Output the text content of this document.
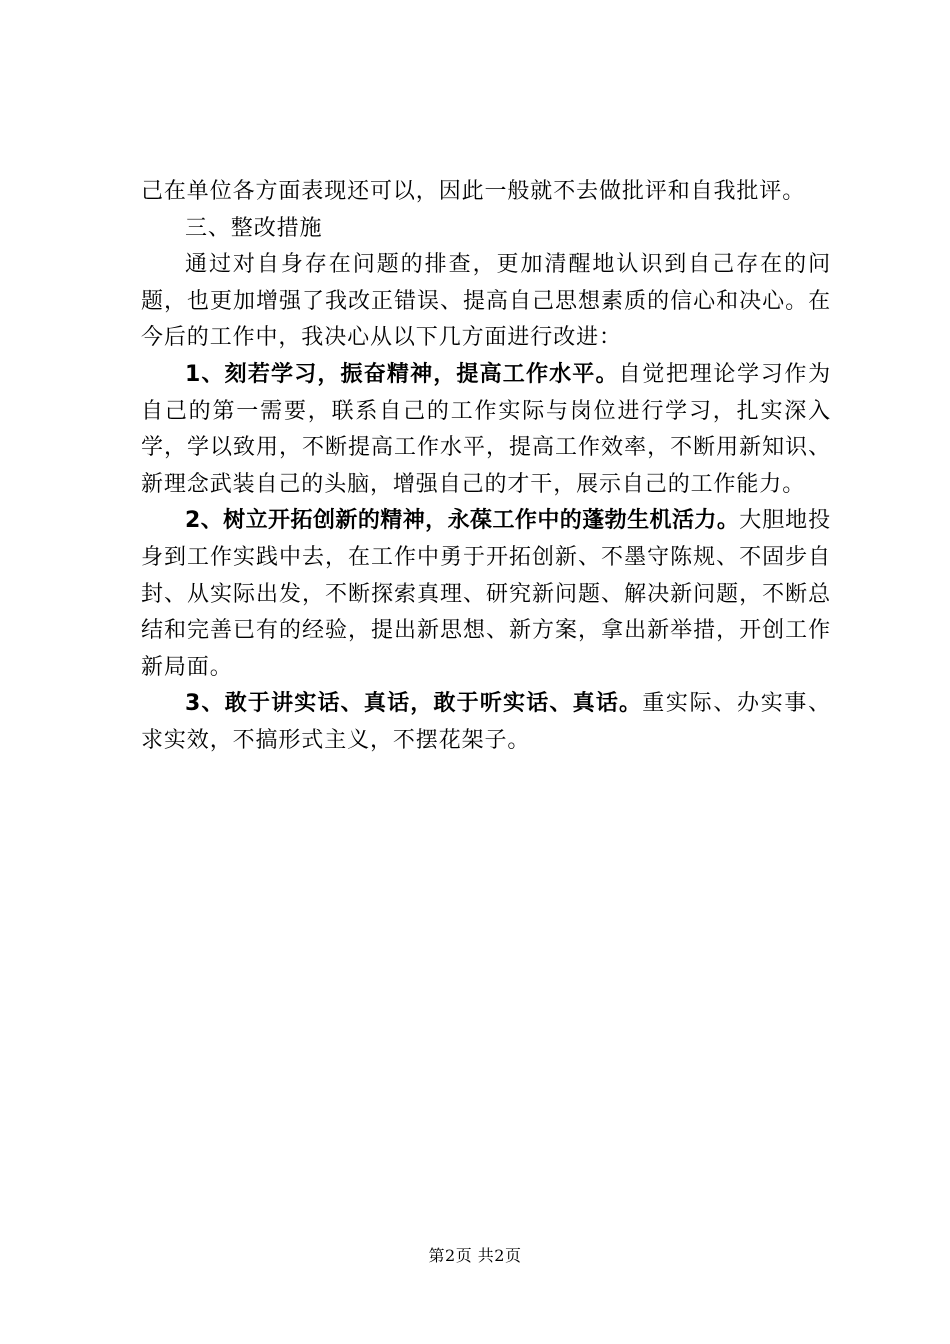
己在单位各方面表现还可以，因此一般就不去做批评和自我批评。

三、整改措施

通过对自身存在问题的排查，更加清醒地认识到自己存在的问题，也更加增强了我改正错误、提高自己思想素质的信心和决心。在今后的工作中，我决心从以下几方面进行改进：

1、刻若学习，振奋精神，提高工作水平。自觉把理论学习作为自己的第一需要，联系自己的工作实际与岗位进行学习，扎实深入学，学以致用，不断提高工作水平，提高工作效率，不断用新知识、新理念武装自己的头脑，增强自己的才干，展示自己的工作能力。

2、树立开拓创新的精神，永葆工作中的蓬勃生机活力。大胆地投身到工作实践中去，在工作中勇于开拓创新、不墨守陈规、不固步自封、从实际出发，不断探索真理、研究新问题、解决新问题，不断总结和完善已有的经验，提出新思想、新方案，拿出新举措，开创工作新局面。

3、敢于讲实话、真话，敢于听实话、真话。重实际、办实事、求实效，不搞形式主义，不摆花架子。

第2页 共2页
